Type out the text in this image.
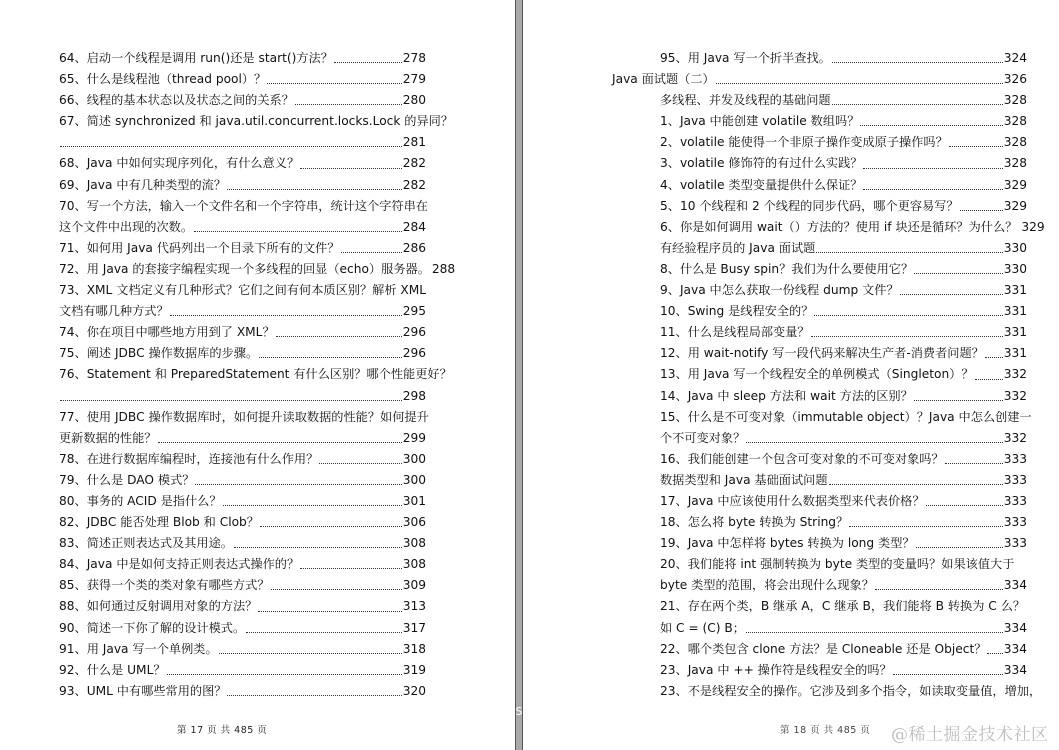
64、启动一个线程是调用 run()还是 start()方法？	278
65、什么是线程池（thread pool）？	279
66、线程的基本状态以及状态之间的关系？	280
67、简述 synchronized 和 java.util.concurrent.locks.Lock 的异同？
281
68、Java 中如何实现序列化，有什么意义？	282
69、Java 中有几种类型的流？	282
70、写一个方法，输入一个文件名和一个字符串，统计这个字符串在
这个文件中出现的次数。	284
71、如何用 Java 代码列出一个目录下所有的文件？	286
72、用 Java 的套接字编程实现一个多线程的回显（echo）服务器。 288
73、XML 文档定义有几种形式？它们之间有何本质区别？解析 XML
文档有哪几种方式？	295
74、你在项目中哪些地方用到了 XML？	296
75、阐述 JDBC 操作数据库的步骤。	296
76、Statement 和 PreparedStatement 有什么区别？哪个性能更好？
298
77、使用 JDBC 操作数据库时，如何提升读取数据的性能？如何提升
更新数据的性能？	299
78、在进行数据库编程时，连接池有什么作用？	300
79、什么是 DAO 模式？	300
80、事务的 ACID 是指什么？	301
82、JDBC 能否处理 Blob 和 Clob？	306
83、简述正则表达式及其用途。	308
84、Java 中是如何支持正则表达式操作的？	308
85、获得一个类的类对象有哪些方式？	309
88、如何通过反射调用对象的方法？	313
90、简述一下你了解的设计模式。	317
91、用 Java 写一个单例类。	318
92、什么是 UML？	319
93、UML 中有哪些常用的图？	320
第 17 页 共 485 页
S
95、用 Java 写一个折半查找。	324
Java 面试题（二）	326
多线程、并发及线程的基础问题	328
1、Java 中能创建 volatile 数组吗？	328
2、volatile 能使得一个非原子操作变成原子操作吗？	328
3、volatile 修饰符的有过什么实践？	328
4、volatile 类型变量提供什么保证？	329
5、10 个线程和 2 个线程的同步代码，哪个更容易写？	329
6、你是如何调用 wait（）方法的？使用 if 块还是循环？为什么？ 329
有经验程序员的 Java 面试题	330
8、什么是 Busy spin？我们为什么要使用它？	330
9、Java 中怎么获取一份线程 dump 文件？	331
10、Swing 是线程安全的？	331
11、什么是线程局部变量？	331
12、用 wait-notify 写一段代码来解决生产者-消费者问题？ 331
13、用 Java 写一个线程安全的单例模式（Singleton）？ 332
14、Java 中 sleep 方法和 wait 方法的区别？	332
15、什么是不可变对象（immutable object）？Java 中怎么创建一
个不可变对象？	332
16、我们能创建一个包含可变对象的不可变对象吗？	333
数据类型和 Java 基础面试问题	333
17、Java 中应该使用什么数据类型来代表价格？	333
18、怎么将 byte 转换为 String？	333
19、Java 中怎样将 bytes 转换为 long 类型？	333
20、我们能将 int 强制转换为 byte 类型的变量吗？如果该值大于
byte 类型的范围，将会出现什么现象？	334
21、存在两个类，B 继承 A，C 继承 B，我们能将 B 转换为 C 么？
如 C = (C) B；	334
22、哪个类包含 clone 方法？是 Cloneable 还是 Object？ 334
23、Java 中 ++ 操作符是线程安全的吗？	334
23、不是线程安全的操作。它涉及到多个指令，如读取变量值，增加，
第 18 页 共 485 页 @稀土掘金技术社区
